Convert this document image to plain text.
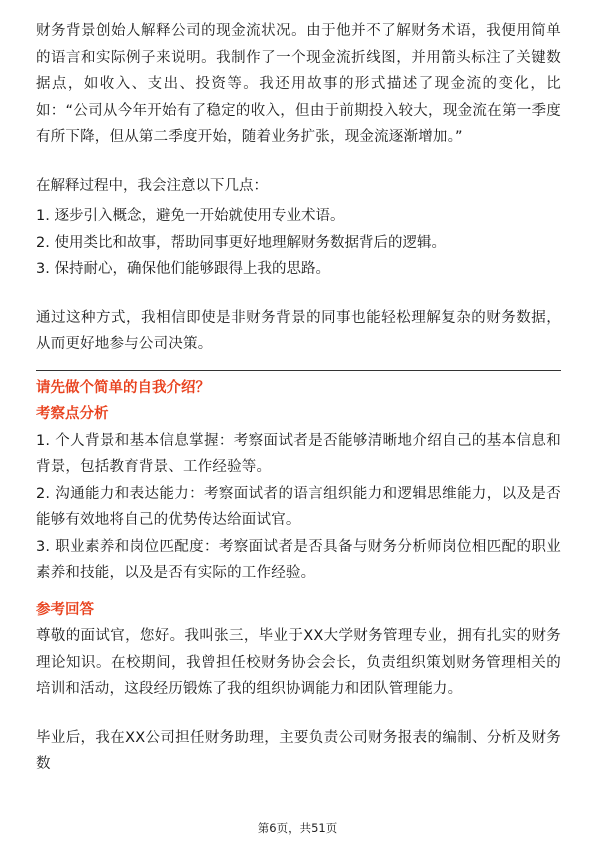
财务背景创始人解释公司的现金流状况。由于他并不了解财务术语，我便用简单的语言和实际例子来说明。我制作了一个现金流折线图，并用箭头标注了关键数据点，如收入、支出、投资等。我还用故事的形式描述了现金流的变化，比如：“公司从今年开始有了稳定的收入，但由于前期投入较大，现金流在第一季度有所下降，但从第二季度开始，随着业务扩张，现金流逐渐增加。”

在解释过程中，我会注意以下几点：

1. 逐步引入概念，避免一开始就使用专业术语。

2. 使用类比和故事，帮助同事更好地理解财务数据背后的逻辑。

3. 保持耐心，确保他们能够跟得上我的思路。

通过这种方式，我相信即使是非财务背景的同事也能轻松理解复杂的财务数据，从而更好地参与公司决策。

请先做个简单的自我介绍？

考察点分析

1. 个人背景和基本信息掌握：考察面试者是否能够清晰地介绍自己的基本信息和背景，包括教育背景、工作经验等。

2. 沟通能力和表达能力：考察面试者的语言组织能力和逻辑思维能力，以及是否能够有效地将自己的优势传达给面试官。

3. 职业素养和岗位匹配度：考察面试者是否具备与财务分析师岗位相匹配的职业素养和技能，以及是否有实际的工作经验。

参考回答

尊敬的面试官，您好。我叫张三，毕业于XX大学财务管理专业，拥有扎实的财务理论知识。在校期间，我曾担任校财务协会会长，负责组织策划财务管理相关的培训和活动，这段经历锻炼了我的组织协调能力和团队管理能力。

毕业后，我在XX公司担任财务助理，主要负责公司财务报表的编制、分析及财务数

第6页，共51页
